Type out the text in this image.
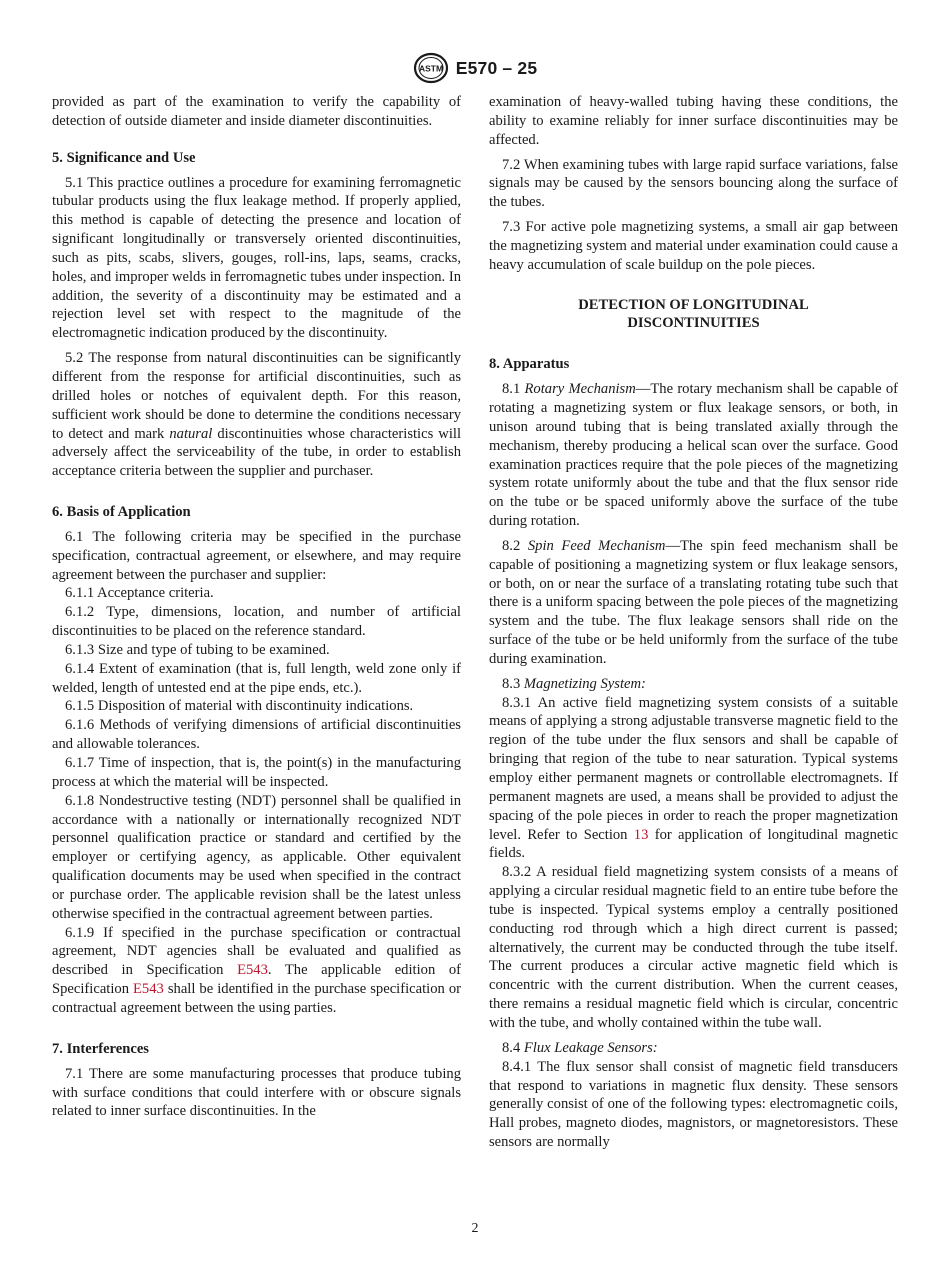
ASTM E570 – 25

provided as part of the examination to verify the capability of detection of outside diameter and inside diameter discontinuities.

5. Significance and Use

5.1 This practice outlines a procedure for examining ferromagnetic tubular products using the flux leakage method. If properly applied, this method is capable of detecting the presence and location of significant longitudinally or transversely oriented discontinuities, such as pits, scabs, slivers, gouges, roll-ins, laps, seams, cracks, holes, and improper welds in ferromagnetic tubes under inspection. In addition, the severity of a discontinuity may be estimated and a rejection level set with respect to the magnitude of the electromagnetic indication produced by the discontinuity.

5.2 The response from natural discontinuities can be significantly different from the response for artificial discontinuities, such as drilled holes or notches of equivalent depth. For this reason, sufficient work should be done to determine the conditions necessary to detect and mark natural discontinuities whose characteristics will adversely affect the serviceability of the tube, in order to establish acceptance criteria between the supplier and purchaser.

6. Basis of Application

6.1 The following criteria may be specified in the purchase specification, contractual agreement, or elsewhere, and may require agreement between the purchaser and supplier:

6.1.1 Acceptance criteria.

6.1.2 Type, dimensions, location, and number of artificial discontinuities to be placed on the reference standard.

6.1.3 Size and type of tubing to be examined.

6.1.4 Extent of examination (that is, full length, weld zone only if welded, length of untested end at the pipe ends, etc.).

6.1.5 Disposition of material with discontinuity indications.

6.1.6 Methods of verifying dimensions of artificial discontinuities and allowable tolerances.

6.1.7 Time of inspection, that is, the point(s) in the manufacturing process at which the material will be inspected.

6.1.8 Nondestructive testing (NDT) personnel shall be qualified in accordance with a nationally or internationally recognized NDT personnel qualification practice or standard and certified by the employer or certifying agency, as applicable. Other equivalent qualification documents may be used when specified in the contract or purchase order. The applicable revision shall be the latest unless otherwise specified in the contractual agreement between parties.

6.1.9 If specified in the purchase specification or contractual agreement, NDT agencies shall be evaluated and qualified as described in Specification E543. The applicable edition of Specification E543 shall be identified in the purchase specification or contractual agreement between the using parties.

7. Interferences

7.1 There are some manufacturing processes that produce tubing with surface conditions that could interfere with or obscure signals related to inner surface discontinuities. In the

examination of heavy-walled tubing having these conditions, the ability to examine reliably for inner surface discontinuities may be affected.

7.2 When examining tubes with large rapid surface variations, false signals may be caused by the sensors bouncing along the surface of the tubes.

7.3 For active pole magnetizing systems, a small air gap between the magnetizing system and material under examination could cause a heavy accumulation of scale buildup on the pole pieces.

DETECTION OF LONGITUDINAL
DISCONTINUITIES
8. Apparatus

8.1 Rotary Mechanism—The rotary mechanism shall be capable of rotating a magnetizing system or flux leakage sensors, or both, in unison around tubing that is being translated axially through the mechanism, thereby producing a helical scan over the surface. Good examination practices require that the pole pieces of the magnetizing system rotate uniformly about the tube and that the flux sensor ride on the tube or be spaced uniformly above the surface of the tube during rotation.

8.2 Spin Feed Mechanism—The spin feed mechanism shall be capable of positioning a magnetizing system or flux leakage sensors, or both, on or near the surface of a translating rotating tube such that there is a uniform spacing between the pole pieces of the magnetizing system and the tube. The flux leakage sensors shall ride on the surface of the tube or be held uniformly from the surface of the tube during examination.

8.3 Magnetizing System:

8.3.1 An active field magnetizing system consists of a suitable means of applying a strong adjustable transverse magnetic field to the region of the tube under the flux sensors and shall be capable of bringing that region of the tube to near saturation. Typical systems employ either permanent magnets or controllable electromagnets. If permanent magnets are used, a means shall be provided to adjust the spacing of the pole pieces in order to reach the proper magnetization level. Refer to Section 13 for application of longitudinal magnetic fields.

8.3.2 A residual field magnetizing system consists of a means of applying a circular residual magnetic field to an entire tube before the tube is inspected. Typical systems employ a centrally positioned conducting rod through which a high direct current is passed; alternatively, the current may be conducted through the tube itself. The current produces a circular active magnetic field which is concentric with the current distribution. When the current ceases, there remains a residual magnetic field which is circular, concentric with the tube, and wholly contained within the tube wall.

8.4 Flux Leakage Sensors:

8.4.1 The flux sensor shall consist of magnetic field transducers that respond to variations in magnetic flux density. These sensors generally consist of one of the following types: electromagnetic coils, Hall probes, magneto diodes, magnistors, or magnetoresistors. These sensors are normally

2
